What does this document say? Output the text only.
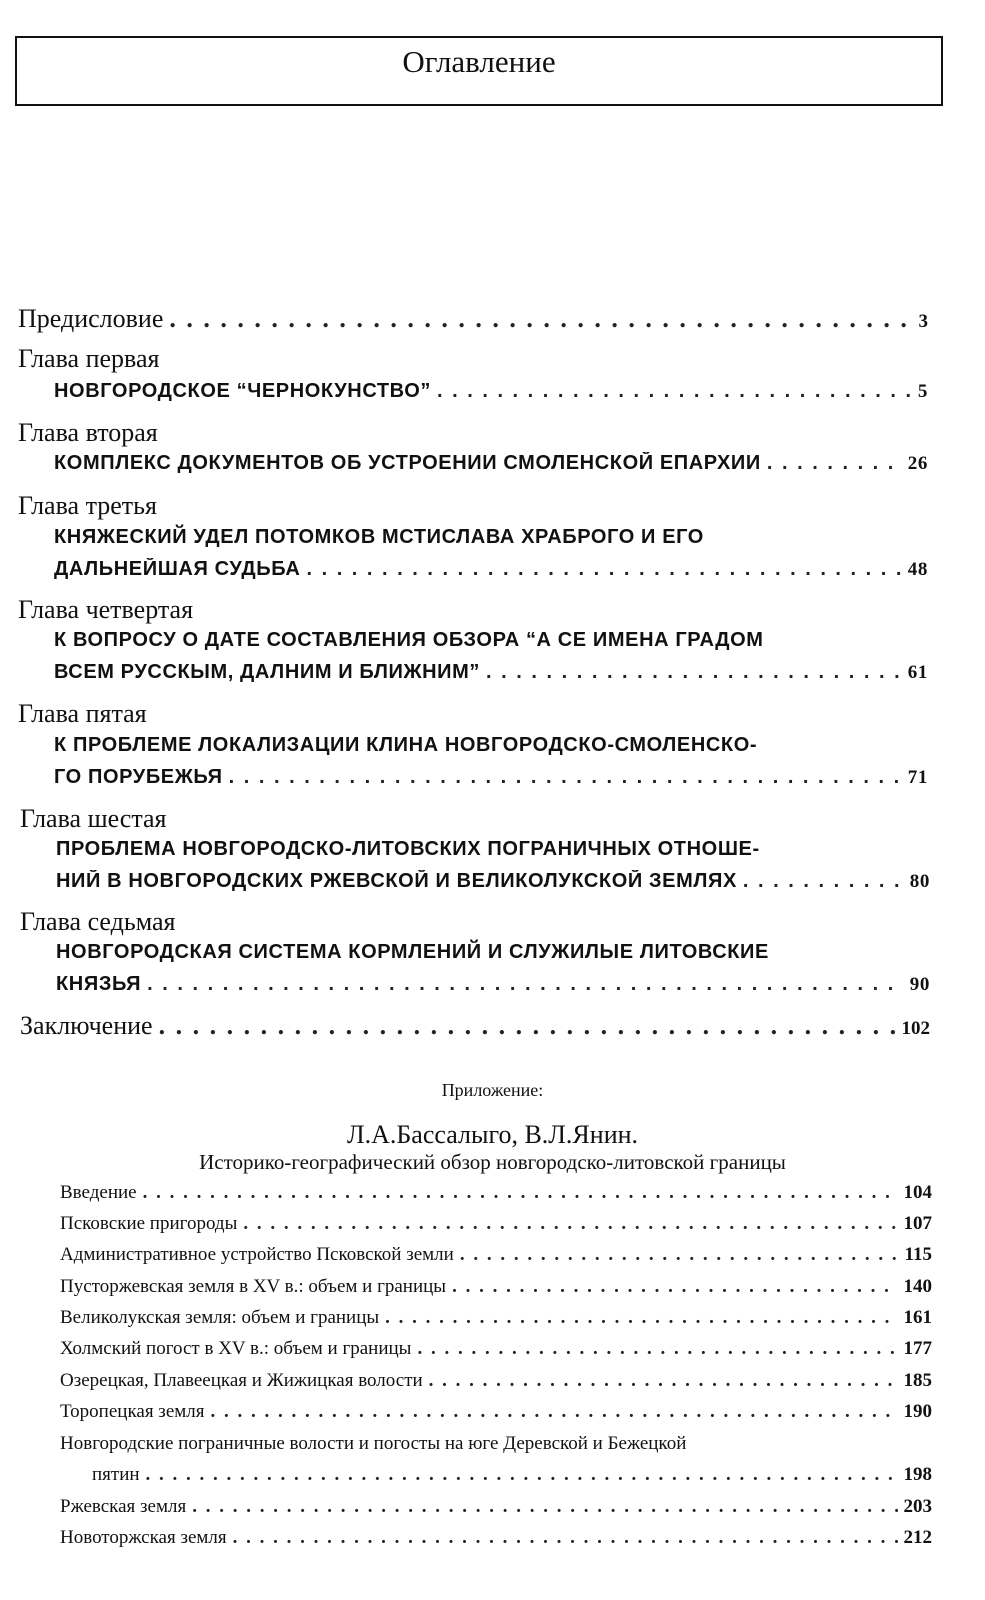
Оглавление
Предисловие . . .	3
Глава первая
НОВГОРОДСКОЕ “ЧЕРНОКУНСТВО” . . .	5
Глава вторая
КОМПЛЕКС ДОКУМЕНТОВ ОБ УСТРОЕНИИ СМОЛЕНСКОЙ ЕПАРХИИ . . .	26
Глава третья
КНЯЖЕСКИЙ УДЕЛ ПОТОМКОВ МСТИСЛАВА ХРАБРОГО И ЕГО
ДАЛЬНЕЙШАЯ СУДЬБА . . .	48
Глава четвертая
К ВОПРОСУ О ДАТЕ СОСТАВЛЕНИЯ ОБЗОРА “А СЕ ИМЕНА ГРАДОМ
ВСЕМ РУССКЫМ, ДАЛНИМ И БЛИЖНИМ” . . .	61
Глава пятая
К ПРОБЛЕМЕ ЛОКАЛИЗАЦИИ КЛИНА НОВГОРОДСКО-СМОЛЕНСКО-
ГО ПОРУБЕЖЬЯ . . .	71
Глава шестая
ПРОБЛЕМА НОВГОРОДСКО-ЛИТОВСКИХ ПОГРАНИЧНЫХ ОТНОШЕ-
НИЙ В НОВГОРОДСКИХ РЖЕВСКОЙ И ВЕЛИКОЛУКСКОЙ ЗЕМЛЯХ . . .	80
Глава седьмая
НОВГОРОДСКАЯ СИСТЕМА КОРМЛЕНИЙ И СЛУЖИЛЫЕ ЛИТОВСКИЕ
КНЯЗЬЯ . . .	90
Заключение . . .	102
Приложение:
Л.А.Бассалыго, В.Л.Янин.
Историко-географический обзор новгородско-литовской границы
Введение . . .	104
Псковские пригороды . . .	107
Административное устройство Псковской земли . . .	115
Пусторжевская земля в XV в.: объем и границы . . .	140
Великолукская земля: объем и границы . . .	161
Холмский погост в XV в.: объем и границы . . .	177
Озерецкая, Плавеецкая и Жижицкая волости . . .	185
Торопецкая земля . . .	190
Новгородские пограничные волости и погосты на юге Деревской и Бежецкой
пятин . . .	198
Ржевская земля . . .	203
Новоторжская земля . . .	212
